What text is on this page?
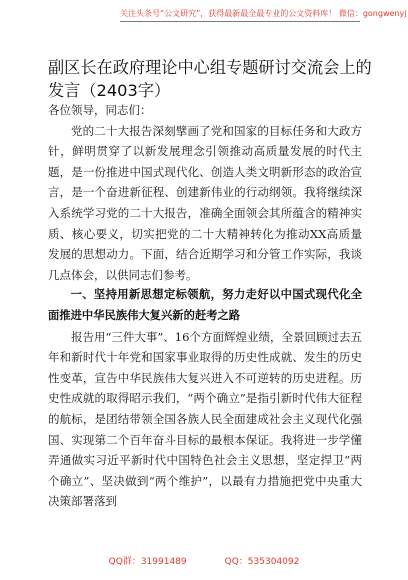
关注头条号“公文研究”，获得最新最全最专业的公文资料库！ 微信：gongwenyj
副区长在政府理论中心组专题研讨交流会上的发言（2403字）

各位领导，同志们：

党的二十大报告深刻擘画了党和国家的目标任务和大政方针，鲜明贯穿了以新发展理念引领推动高质量发展的时代主题，是一份推进中国式现代化、创造人类文明新形态的政治宣言，是一个奋进新征程、创建新伟业的行动纲领。我将继续深入系统学习党的二十大报告，准确全面领会其所蕴含的精神实质、核心要义，切实把党的二十大精神转化为推动XX高质量发展的思想动力。下面，结合近期学习和分管工作实际，我谈几点体会，以供同志们参考。

一、坚持用新思想定标领航，努力走好以中国式现代化全面推进中华民族伟大复兴新的赶考之路

报告用“三件大事”、16个方面辉煌业绩，全景回顾过去五年和新时代十年党和国家事业取得的历史性成就、发生的历史性变革，宣告中华民族伟大复兴进入不可逆转的历史进程。历史性成就的取得昭示我们，“两个确立”是指引新时代伟大征程的航标，是团结带领全国各族人民全面建成社会主义现代化强国、实现第二个百年奋斗目标的最根本保证。我将进一步学懂弄通做实习近平新时代中国特色社会主义思想，坚定捍卫“两个确立”、坚决做到“两个维护”，以最有力措施把党中央重大决策部署落到

QQ群：31991489	QQ：535304092
